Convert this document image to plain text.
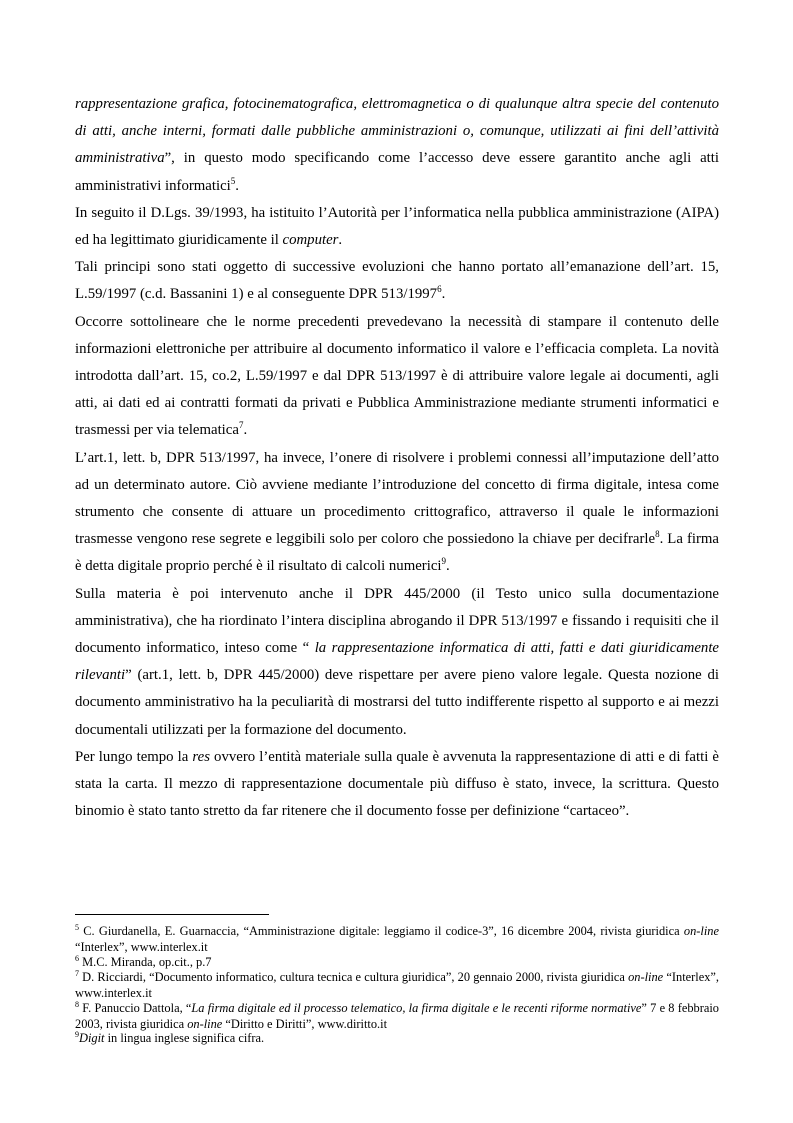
rappresentazione grafica, fotocinematografica, elettromagnetica o di qualunque altra specie del contenuto di atti, anche interni, formati dalle pubbliche amministrazioni o, comunque, utilizzati ai fini dell’attività amministrativa”, in questo modo specificando come l’accesso deve essere garantito anche agli atti amministrativi informatici$^5$.

In seguito il D.Lgs. 39/1993, ha istituito l’Autorità per l’informatica nella pubblica amministrazione (AIPA) ed ha legittimato giuridicamente il computer.

Tali principi sono stati oggetto di successive evoluzioni che hanno portato all’emanazione dell’art. 15, L.59/1997 (c.d. Bassanini 1) e al conseguente DPR 513/1997$^6$.

Occorre sottolineare che le norme precedenti prevedevano la necessità di stampare il contenuto delle informazioni elettroniche per attribuire al documento informatico il valore e l’efficacia completa. La novità introdotta dall’art. 15, co.2, L.59/1997 e dal DPR 513/1997 è di attribuire valore legale ai documenti, agli atti, ai dati ed ai contratti formati da privati e Pubblica Amministrazione mediante strumenti informatici e trasmessi per via telematica$^7$.

L’art.1, lett. b, DPR 513/1997, ha invece, l’onere di risolvere i problemi connessi all’imputazione dell’atto ad un determinato autore. Ciò avviene mediante l’introduzione del concetto di firma digitale, intesa come strumento che consente di attuare un procedimento crittografico, attraverso il quale le informazioni trasmesse vengono rese segrete e leggibili solo per coloro che possiedono la chiave per decifrarle$^8$. La firma è detta digitale proprio perché è il risultato di calcoli numerici$^9$.

Sulla materia è poi intervenuto anche il DPR 445/2000 (il Testo unico sulla documentazione amministrativa), che ha riordinato l’intera disciplina abrogando il DPR 513/1997 e fissando i requisiti che il documento informatico, inteso come “ la rappresentazione informatica di atti, fatti e dati giuridicamente rilevanti” (art.1, lett. b, DPR 445/2000) deve rispettare per avere pieno valore legale. Questa nozione di documento amministrativo ha la peculiarità di mostrarsi del tutto indifferente rispetto al supporto e ai mezzi documentali utilizzati per la formazione del documento.

Per lungo tempo la res ovvero l’entità materiale sulla quale è avvenuta la rappresentazione di atti e di fatti è stata la carta. Il mezzo di rappresentazione documentale più diffuso è stato, invece, la scrittura. Questo binomio è stato tanto stretto da far ritenere che il documento fosse per definizione “cartaceo”.

$^5$ C. Giurdanella, E. Guarnaccia, “Amministrazione digitale: leggiamo il codice-3”, 16 dicembre 2004, rivista giuridica on-line “Interlex”, www.interlex.it

$^6$ M.C. Miranda, op.cit., p.7

$^7$ D. Ricciardi, “Documento informatico, cultura tecnica e cultura giuridica”, 20 gennaio 2000, rivista giuridica on-line “Interlex”, www.interlex.it

$^8$ F. Panuccio Dattola, “La firma digitale ed il processo telematico, la firma digitale e le recenti riforme normative” 7 e 8 febbraio 2003, rivista giuridica on-line “Diritto e Diritti”, www.diritto.it

$^9$Digit in lingua inglese significa cifra.
